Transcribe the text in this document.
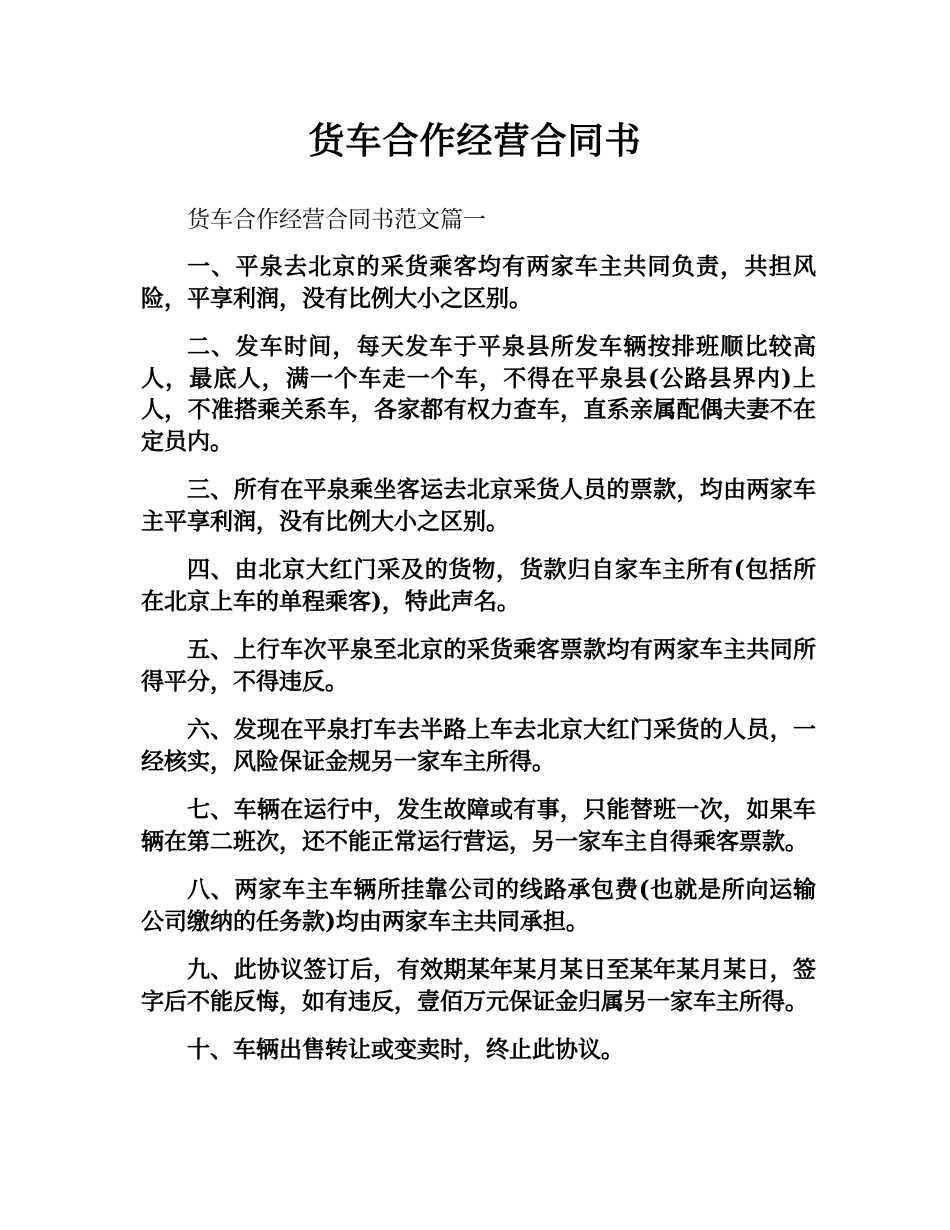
货车合作经营合同书

货车合作经营合同书范文篇一

一、平泉去北京的采货乘客均有两家车主共同负责，共担风险，平享利润，没有比例大小之区别。

二、发车时间，每天发车于平泉县所发车辆按排班顺比较高人，最底人，满一个车走一个车，不得在平泉县(公路县界内)上人，不准搭乘关系车，各家都有权力查车，直系亲属配偶夫妻不在定员内。

三、所有在平泉乘坐客运去北京采货人员的票款，均由两家车主平享利润，没有比例大小之区别。

四、由北京大红门采及的货物，货款归自家车主所有(包括所在北京上车的单程乘客)，特此声名。

五、上行车次平泉至北京的采货乘客票款均有两家车主共同所得平分，不得违反。

六、发现在平泉打车去半路上车去北京大红门采货的人员，一经核实，风险保证金规另一家车主所得。

七、车辆在运行中，发生故障或有事，只能替班一次，如果车辆在第二班次，还不能正常运行营运，另一家车主自得乘客票款。

八、两家车主车辆所挂靠公司的线路承包费(也就是所向运输公司缴纳的任务款)均由两家车主共同承担。

九、此协议签订后，有效期某年某月某日至某年某月某日，签字后不能反悔，如有违反，壹佰万元保证金归属另一家车主所得。

十、车辆出售转让或变卖时，终止此协议。
